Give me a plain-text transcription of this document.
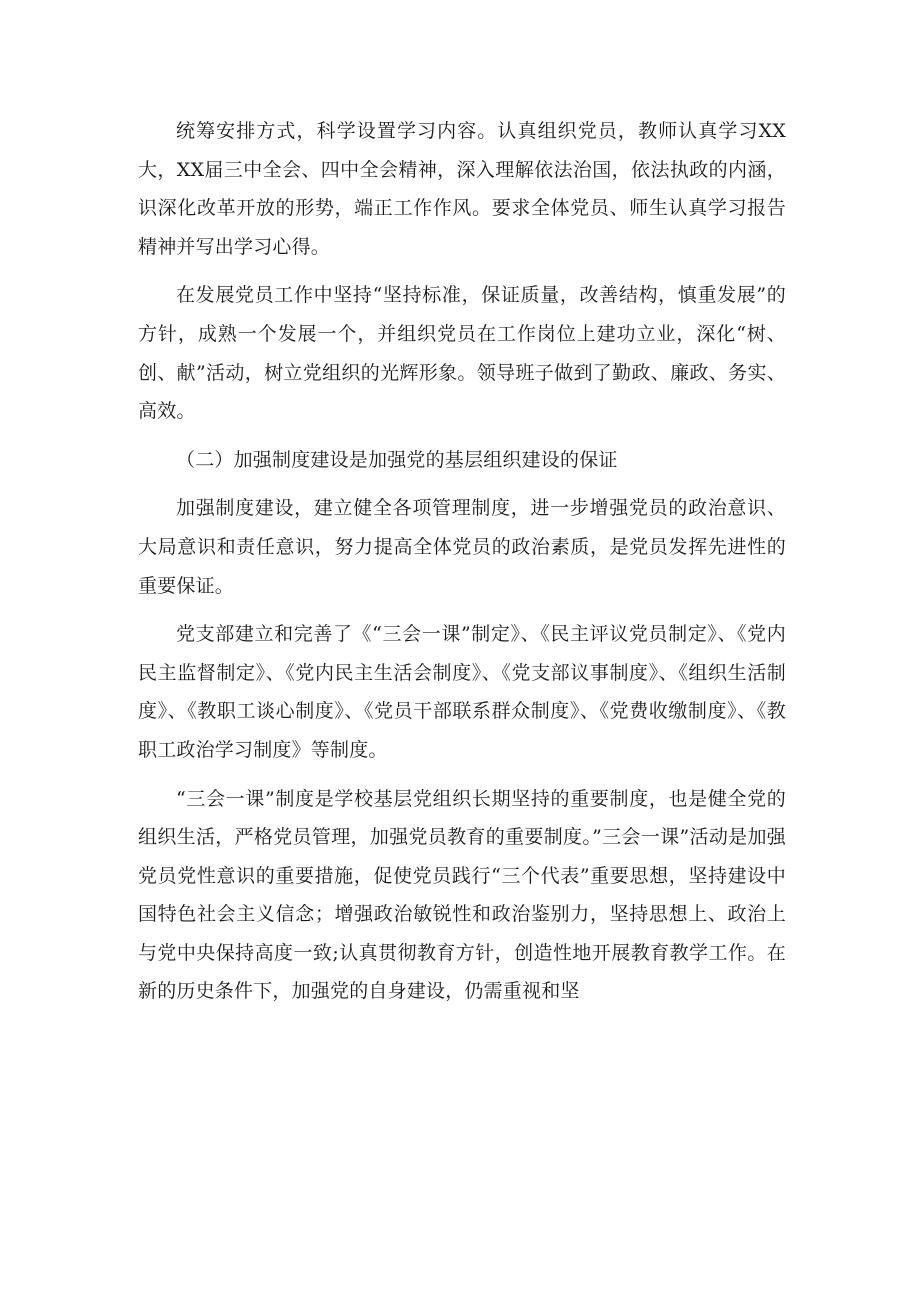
统筹安排方式，科学设置学习内容。认真组织党员，教师认真学习XX大，XX届三中全会、四中全会精神，深入理解依法治国，依法执政的内涵，识深化改革开放的形势，端正工作作风。要求全体党员、师生认真学习报告精神并写出学习心得。

在发展党员工作中坚持“坚持标准，保证质量，改善结构，慎重发展”的方针，成熟一个发展一个，并组织党员在工作岗位上建功立业，深化“树、创、献”活动，树立党组织的光辉形象。领导班子做到了勤政、廉政、务实、高效。

（二）加强制度建设是加强党的基层组织建设的保证

加强制度建设，建立健全各项管理制度，进一步增强党员的政治意识、大局意识和责任意识，努力提高全体党员的政治素质，是党员发挥先进性的重要保证。

党支部建立和完善了《“三会一课”制定》、《民主评议党员制定》、《党内民主监督制定》、《党内民主生活会制度》、《党支部议事制度》、《组织生活制度》、《教职工谈心制度》、《党员干部联系群众制度》、《党费收缴制度》、《教职工政治学习制度》等制度。

“三会一课”制度是学校基层党组织长期坚持的重要制度，也是健全党的组织生活，严格党员管理，加强党员教育的重要制度。”三会一课”活动是加强党员党性意识的重要措施，促使党员践行“三个代表”重要思想，坚持建设中国特色社会主义信念；增强政治敏锐性和政治鉴别力，坚持思想上、政治上与党中央保持高度一致;认真贯彻教育方针，创造性地开展教育教学工作。在新的历史条件下，加强党的自身建设，仍需重视和坚
